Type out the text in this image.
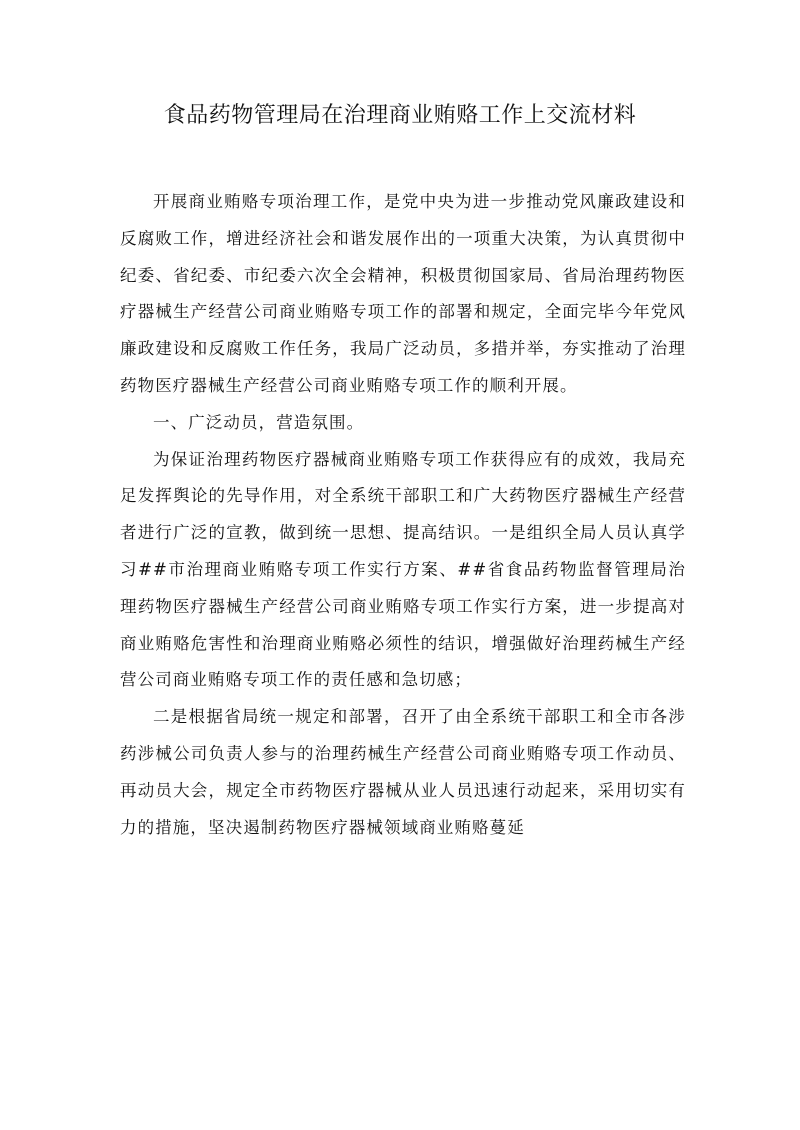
食品药物管理局在治理商业贿赂工作上交流材料

开展商业贿赂专项治理工作，是党中央为进一步推动党风廉政建设和反腐败工作，增进经济社会和谐发展作出的一项重大决策，为认真贯彻中纪委、省纪委、市纪委六次全会精神，积极贯彻国家局、省局治理药物医疗器械生产经营公司商业贿赂专项工作的部署和规定，全面完毕今年党风廉政建设和反腐败工作任务，我局广泛动员，多措并举，夯实推动了治理药物医疗器械生产经营公司商业贿赂专项工作的顺利开展。

一、广泛动员，营造氛围。

为保证治理药物医疗器械商业贿赂专项工作获得应有的成效，我局充足发挥舆论的先导作用，对全系统干部职工和广大药物医疗器械生产经营者进行广泛的宣教，做到统一思想、提高结识。一是组织全局人员认真学习##市治理商业贿赂专项工作实行方案、##省食品药物监督管理局治理药物医疗器械生产经营公司商业贿赂专项工作实行方案，进一步提高对商业贿赂危害性和治理商业贿赂必须性的结识，增强做好治理药械生产经营公司商业贿赂专项工作的责任感和急切感；

二是根据省局统一规定和部署，召开了由全系统干部职工和全市各涉药涉械公司负责人参与的治理药械生产经营公司商业贿赂专项工作动员、再动员大会，规定全市药物医疗器械从业人员迅速行动起来，采用切实有力的措施，坚决遏制药物医疗器械领域商业贿赂蔓延
